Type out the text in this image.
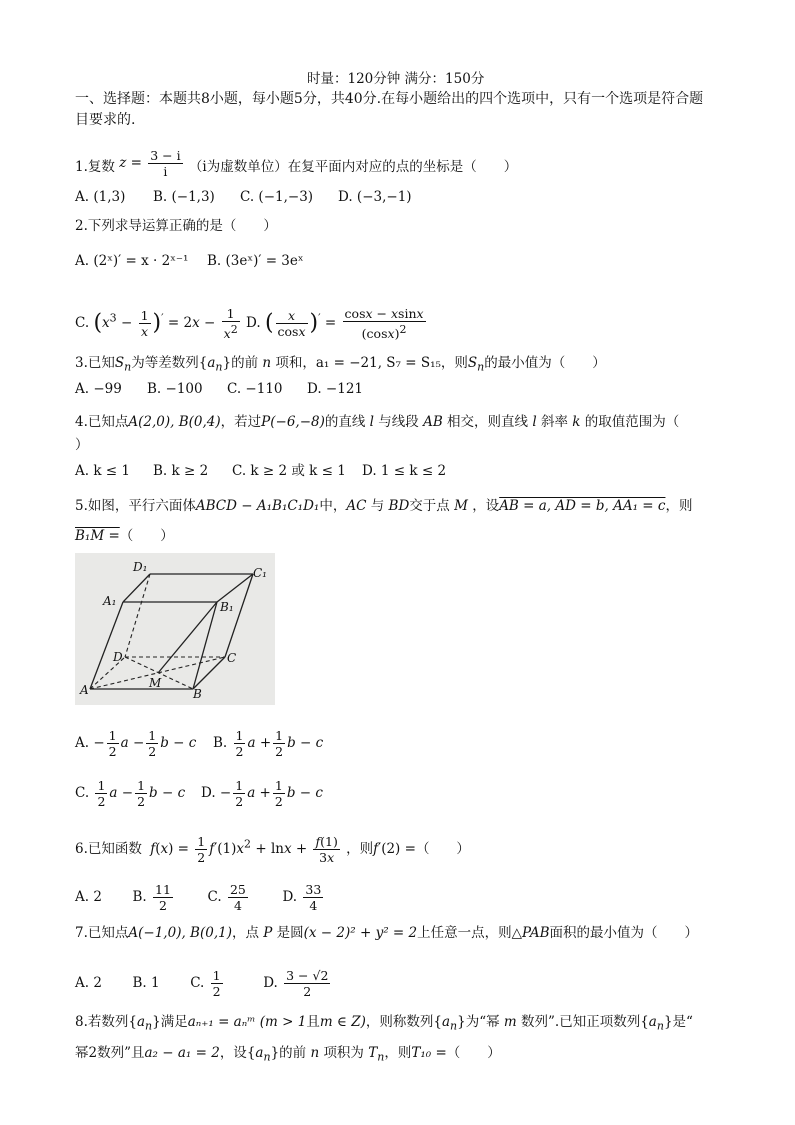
时量：120分钟 满分：150分
一、选择题：本题共8小题，每小题5分，共40分.在每小题给出的四个选项中，只有一个选项是符合题
目要求的.
1.复数 $z = \frac{3 - i}{i} (i$为虚数单位）在复平面内对应的点的坐标是（　　）
A. (1,3) B. (−1,3) C. (−1,−3) D. (−3,−1)
2.下列求导运算正确的是（　　）
A. (2ˣ)′ = x · 2ˣ⁻¹ B. (3eˣ)′ = 3eˣ
C. $(x^3 - \frac{1}{x} )' = 2x - \frac{1}{x^2} D$. ( $\frac{x}{\cos x} )' = \frac{\cos x - xsinx}{(\cos x)^2}$
3.已知$S_n$为等差数列$\{a_n\}$的前 n 项和，a₁ = −21, S₇ = S₁₅，则$S_n$的最小值为（　　）
A. −99 B. −100 C. −110 D. −121
4.已知点A(2,0), B(0,4)，若过P(−6,−8)的直线 l 与线段 AB 相交，则直线 l 斜率 k 的取值范围为（
）
A. k ≤ 1 B. k ≥ 2 C. k ≥ 2 或 k ≤ 1 D. 1 ≤ k ≤ 2
5.如图，平行六面体ABCD − A₁B₁C₁D₁中，AC 与 BD交于点 M ，设AB = a, AD = b, AA₁ = c，则
B₁M =（　　）
D₁	C₁
A₁	B₁
D	C
M
A	B
A. − $\frac{1}{2}$ $a - \frac{1}{2}$ b − c B. $\frac{1}{2}$ $a + \frac{1}{2}$ b − c
C. $\frac{1}{2}$ $a - \frac{1}{2}$ b − c D. − $\frac{1}{2}$ $a + \frac{1}{2}$ b − c
6.已知函数 $f(x) = \frac{1}{2} f'(1)x^2 + \ln x + \frac{f(1)}{3x}$ ，则f′(2) =（　　）
A. 2 B. $\frac{11}{2}$	C. $\frac{25}{4}$	D. $\frac{33}{4}$
7.已知点A(−1,0), B(0,1)，点 P 是圆(x − 2)² + y² = 2上任意一点，则△PAB面积的最小值为（　　）
A. 2 B. 1 C. $\frac{1}{2}$	D. $\frac{3 - √2}{2}$
8.若数列$\{a_n\}$满足aₙ₊₁ = aₙᵐ (m > 1且m ∈ Z)，则称数列$\{a_n\}$为“幂 m 数列”.已知正项数列$\{a_n\}$是“
幂2数列”且a₂ − a₁ = 2，设$\{a_n\}$的前 n 项积为 $T_n$，则T₁₀ =（　　）
